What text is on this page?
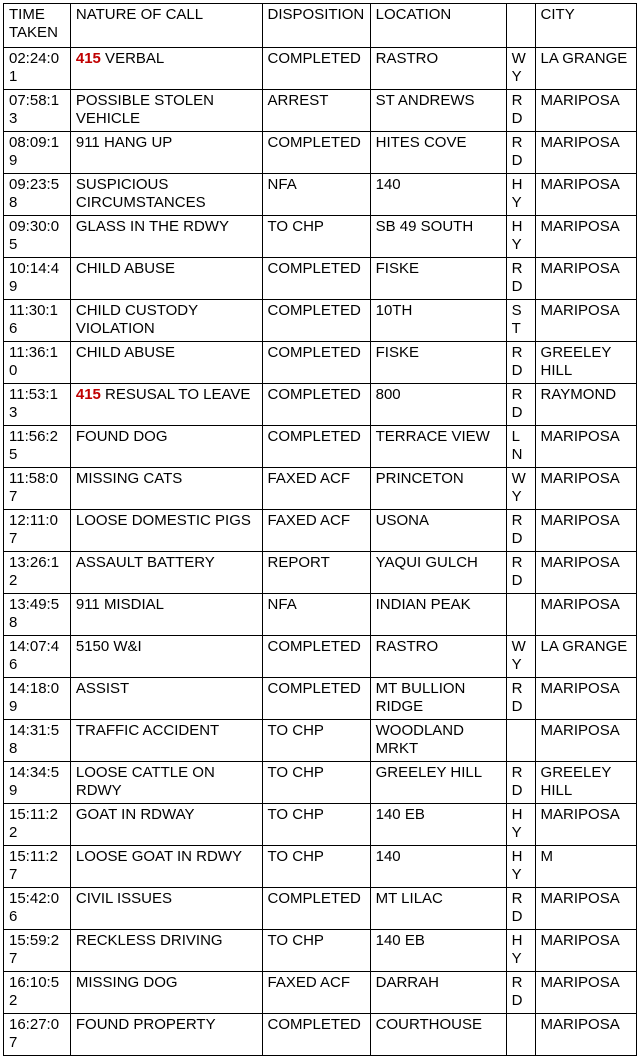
TIME TAKEN	NATURE OF CALL	DISPOSITION	LOCATION		CITY
02:24:01	415 VERBAL	COMPLETED	RASTRO	WY	LA GRANGE
07:58:13	POSSIBLE STOLEN VEHICLE	ARREST	ST ANDREWS	RD	MARIPOSA
08:09:19	911 HANG UP	COMPLETED	HITES COVE	RD	MARIPOSA
09:23:58	SUSPICIOUS CIRCUMSTANCES	NFA	140	HY	MARIPOSA
09:30:05	GLASS IN THE RDWY	TO CHP	SB 49 SOUTH	HY	MARIPOSA
10:14:49	CHILD ABUSE	COMPLETED	FISKE	RD	MARIPOSA
11:30:16	CHILD CUSTODY VIOLATION	COMPLETED	10TH	ST	MARIPOSA
11:36:10	CHILD ABUSE	COMPLETED	FISKE	RD	GREELEY HILL
11:53:13	415 RESUSAL TO LEAVE	COMPLETED	800	RD	RAYMOND
11:56:25	FOUND DOG	COMPLETED	TERRACE VIEW	LN	MARIPOSA
11:58:07	MISSING CATS	FAXED ACF	PRINCETON	WY	MARIPOSA
12:11:07	LOOSE DOMESTIC PIGS	FAXED ACF	USONA	RD	MARIPOSA
13:26:12	ASSAULT BATTERY	REPORT	YAQUI GULCH	RD	MARIPOSA
13:49:58	911 MISDIAL	NFA	INDIAN PEAK		MARIPOSA
14:07:46	5150 W&I	COMPLETED	RASTRO	WY	LA GRANGE
14:18:09	ASSIST	COMPLETED	MT BULLION RIDGE	RD	MARIPOSA
14:31:58	TRAFFIC ACCIDENT	TO CHP	WOODLAND MRKT		MARIPOSA
14:34:59	LOOSE CATTLE ON RDWY	TO CHP	GREELEY HILL	RD	GREELEY HILL
15:11:22	GOAT IN RDWAY	TO CHP	140 EB	HY	MARIPOSA
15:11:27	LOOSE GOAT IN RDWY	TO CHP	140	HY	M
15:42:06	CIVIL ISSUES	COMPLETED	MT LILAC	RD	MARIPOSA
15:59:27	RECKLESS DRIVING	TO CHP	140 EB	HY	MARIPOSA
16:10:52	MISSING DOG	FAXED ACF	DARRAH	RD	MARIPOSA
16:27:07	FOUND PROPERTY	COMPLETED	COURTHOUSE		MARIPOSA
